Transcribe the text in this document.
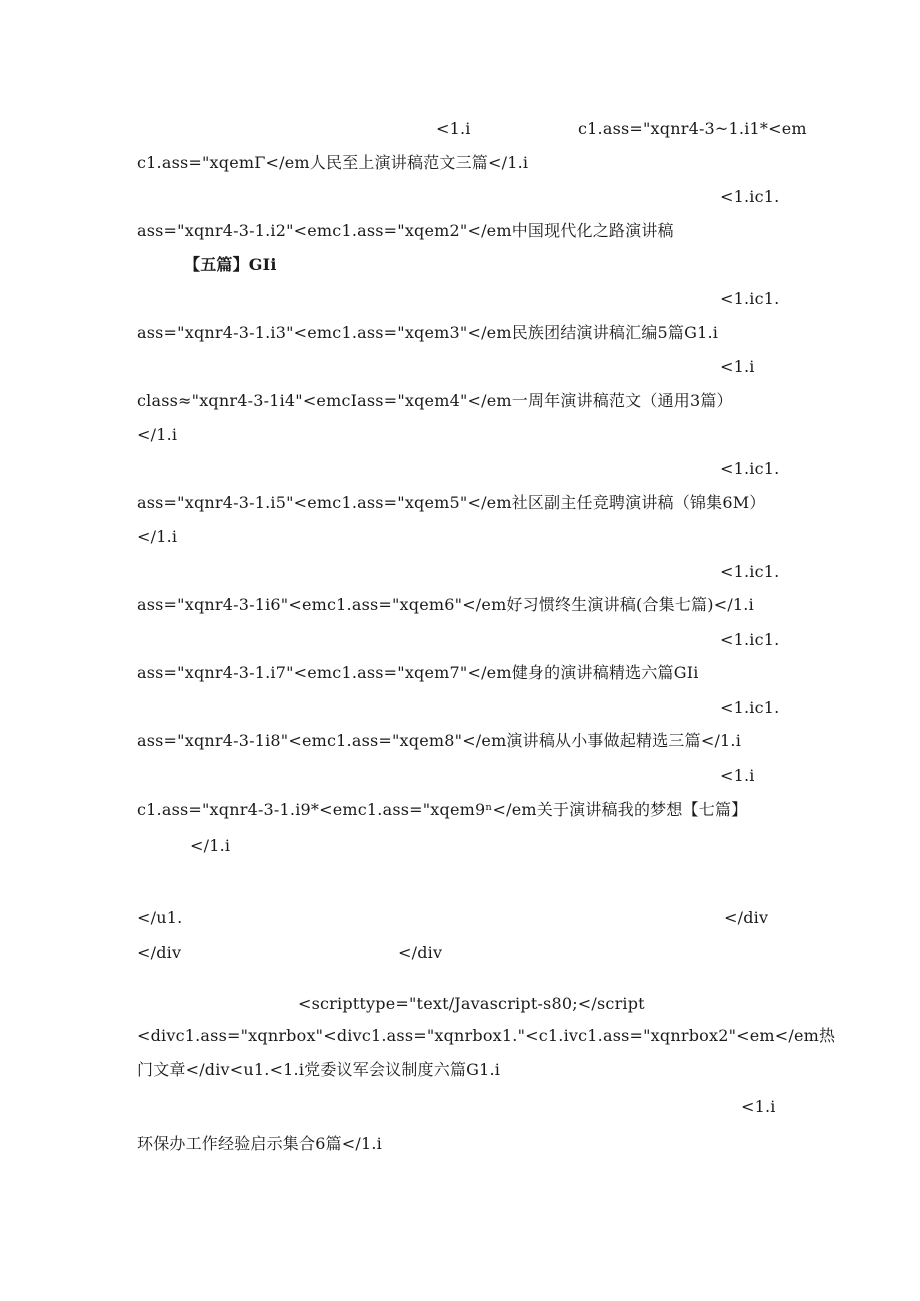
<1.i	c1.ass="xqnr4-3~1.i1*<em
c1.ass="xqemΓ</em人民至上演讲稿范文三篇</1.i
<1.ic1.
ass="xqnr4-3-1.i2"<emc1.ass="xqem2"</em中国现代化之路演讲稿
【五篇】GIi
<1.ic1.
ass="xqnr4-3-1.i3"<emc1.ass="xqem3"</em民族团结演讲稿汇编5篇G1.i
<1.i
class≈"xqnr4-3-1i4"<emcIass="xqem4"</em一周年演讲稿范文（通用3篇）
</1.i
<1.ic1.
ass="xqnr4-3-1.i5"<emc1.ass="xqem5"</em社区副主任竞聘演讲稿（锦集6M）
</1.i
<1.ic1.
ass="xqnr4-3-1i6"<emc1.ass="xqem6"</em好习惯终生演讲稿(合集七篇)</1.i
<1.ic1.
ass="xqnr4-3-1.i7"<emc1.ass="xqem7"</em健身的演讲稿精选六篇GIi
<1.ic1.
ass="xqnr4-3-1i8"<emc1.ass="xqem8"</em演讲稿从小事做起精选三篇</1.i
<1.i
c1.ass="xqnr4-3-1.i9*<emc1.ass="xqem9ⁿ</em关于演讲稿我的梦想【七篇】
</1.i
</u1.	</div
</div	</div
<scripttype="text/Javascript-s80;</script
<divc1.ass="xqnrbox"<divc1.ass="xqnrbox1."<c1.ivc1.ass="xqnrbox2"<em</em热
门文章</div<u1.<1.i党委议军会议制度六篇G1.i
<1.i
环保办工作经验启示集合6篇</1.i
